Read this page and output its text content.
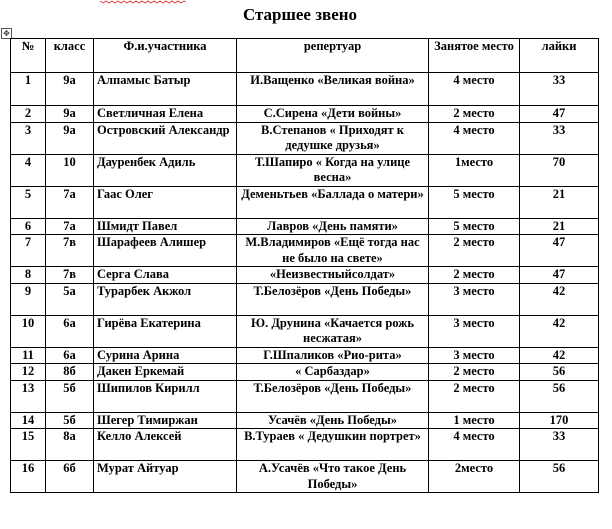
Старшее звено
✥
№	класс	Ф.и.участника	репертуар	Занятое место	лайки
1	9а	Алпамыс Батыр	И.Ващенко «Великая война»	4 место	33
2	9а	Светличная Елена	С.Сирена «Дети войны»	2 место	47
3	9а	Островский Александр	В.Степанов « Приходят к дедушке друзья»	4 место	33
4	10	Дауренбек Адиль	Т.Шапиро « Когда на улице весна»	1место	70
5	7а	Гаас Олег	Деменьтьев «Баллада о матери»	5 место	21
6	7а	Шмидт Павел	Лавров «День памяти»	5 место	21
7	7в	Шарафеев Алишер	М.Владимиров «Ещё тогда нас не было на свете»	2 место	47
8	7в	Серга Слава	«Неизвестныйсолдат»	2 место	47
9	5а	Турарбек Акжол	Т.Белозёров «День Победы»	3 место	42
10	6а	Гирёва Екатерина	Ю. Друнина «Качается рожь несжатая»	3 место	42
11	6а	Сурина Арина	Г.Шпаликов «Рио-рита»	3 место	42
12	8б	Дакен Еркемай	« Сарбаздар»	2 место	56
13	5б	Шипилов Кирилл	Т.Белозёров «День Победы»	2 место	56
14	5б	Шегер Тимиржан	Усачёв «День Победы»	1 место	170
15	8а	Келло Алексей	В.Тураев « Дедушкин портрет»	4 место	33
16	6б	Мурат Айтуар	А.Усачёв «Что такое День Победы»	2место	56
